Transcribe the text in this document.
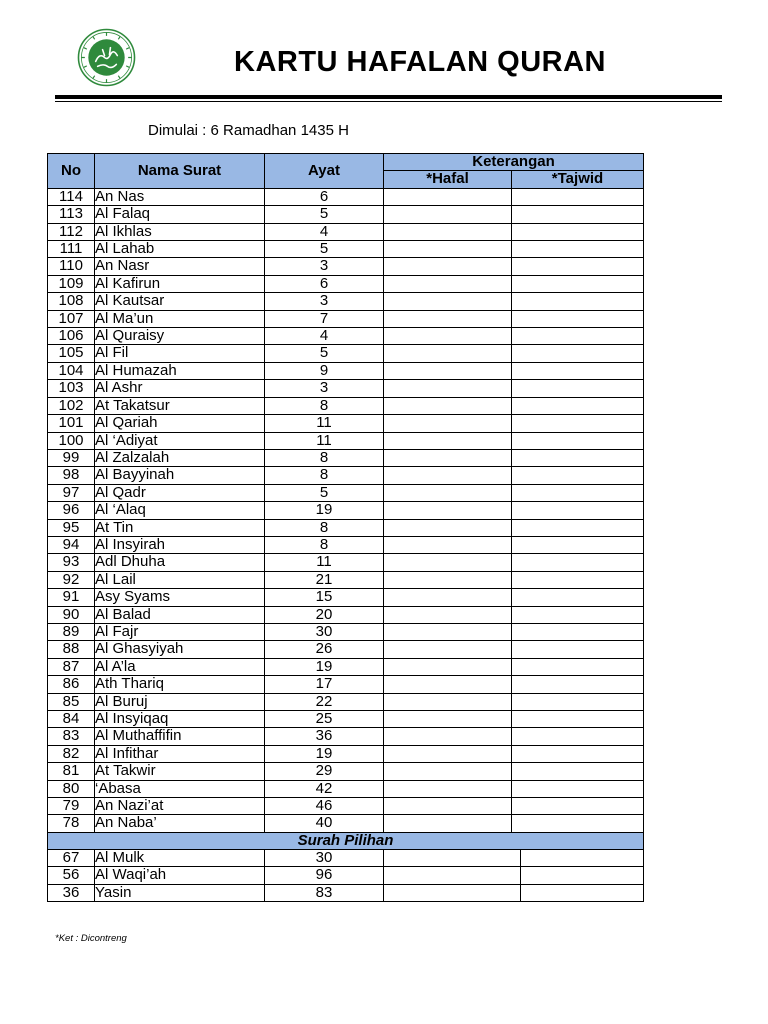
KARTU HAFALAN QURAN
Dimulai : 6 Ramadhan 1435 H
No	Nama Surat	Ayat	Keterangan	
			*Hafal	*Tajwid
114	An Nas	6		
113	Al Falaq	5		
112	Al Ikhlas	4		
111	Al Lahab	5		
110	An Nasr	3		
109	Al Kafirun	6		
108	Al Kautsar	3		
107	Al Ma’un	7		
106	Al Quraisy	4		
105	Al Fil	5		
104	Al Humazah	9		
103	Al Ashr	3		
102	At Takatsur	8		
101	Al Qariah	11		
100	Al ‘Adiyat	11		
99	Al Zalzalah	8		
98	Al Bayyinah	8		
97	Al Qadr	5		
96	Al ‘Alaq	19		
95	At Tin	8		
94	Al Insyirah	8		
93	Adl Dhuha	11		
92	Al Lail	21		
91	Asy Syams	15		
90	Al Balad	20		
89	Al Fajr	30		
88	Al Ghasyiyah	26		
87	Al A’la	19		
86	Ath Thariq	17		
85	Al Buruj	22		
84	Al Insyiqaq	25		
83	Al Muthaffifin	36		
82	Al Infithar	19		
81	At Takwir	29		
80	‘Abasa	42		
79	An Nazi’at	46		
78	An Naba’	40		
Surah Pilihan				
67	Al Mulk	30		
56	Al Waqi’ah	96		
36	Yasin	83		
*Ket : Dicontreng
